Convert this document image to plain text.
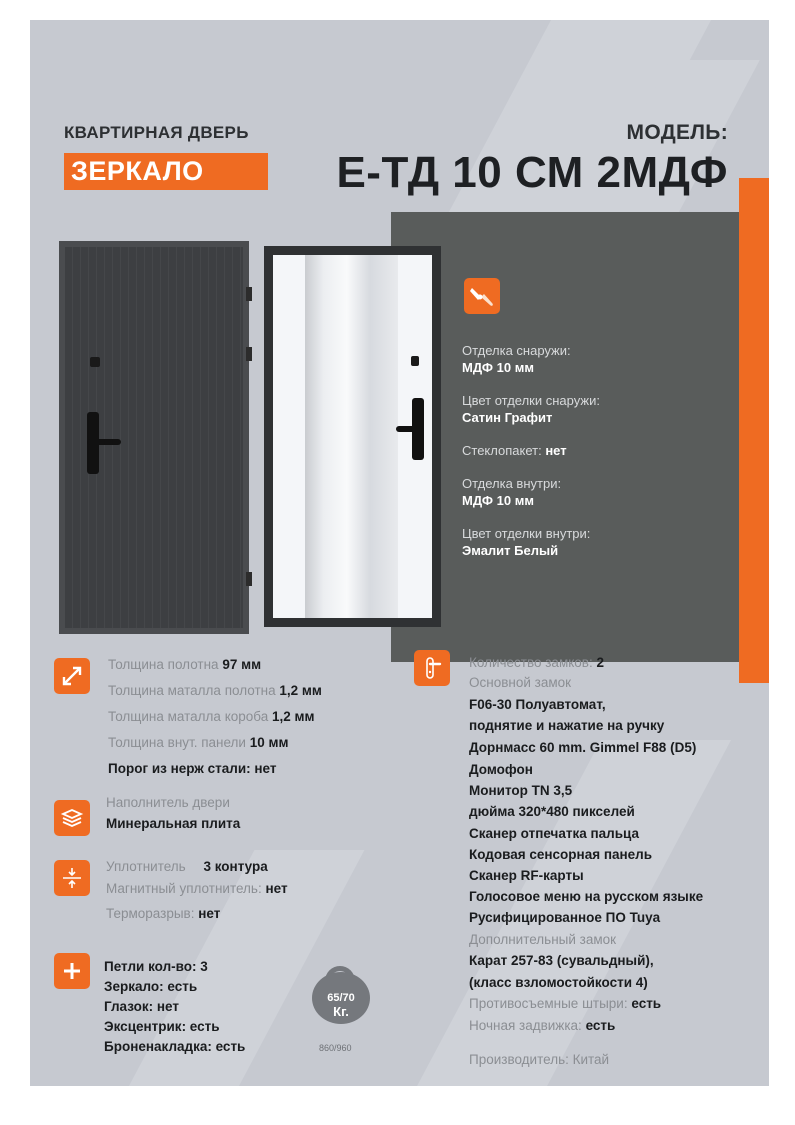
КВАРТИРНАЯ ДВЕРЬ
ЗЕРКАЛО
МОДЕЛЬ:
Е-ТД 10 СМ 2МДФ
Отделка снаружи:
МДФ 10 мм
Цвет отделки снаружи:
Сатин Графит
Стеклопакет: нет
Отделка внутри:
МДФ 10 мм
Цвет отделки внутри:
Эмалит Белый
Толщина полотна 97 мм
Толщина маталла полотна 1,2 мм
Толщина маталла короба 1,2 мм
Толщина внут. панели 10 мм
Порог из нерж стали: нет
Наполнитель двери
Минеральная плита
Уплотнитель 3 контура
Магнитный уплотнитель: нет
Терморазрыв: нет
Петли кол-во: 3
Зеркало: есть
Глазок: нет
Эксцентрик: есть
Броненакладка: есть
65/70
Кг.
860/960
Количество замков: 2
Основной замок
F06-30 Полуавтомат,
поднятие и нажатие на ручку
Дорнмасс 60 mm. Gimmel F88 (D5)
Домофон
Монитор TN 3,5
дюйма 320*480 пикселей
Сканер отпечатка пальца
Кодовая сенсорная панель
Сканер RF-карты
Голосовое меню на русском языке
Русифицированное ПО Tuya
Дополнительный замок
Карат 257-83 (сувальдный),
(класс взломостойкости 4)
Противосъемные штыри: есть
Ночная задвижка: есть
Производитель: Китай
